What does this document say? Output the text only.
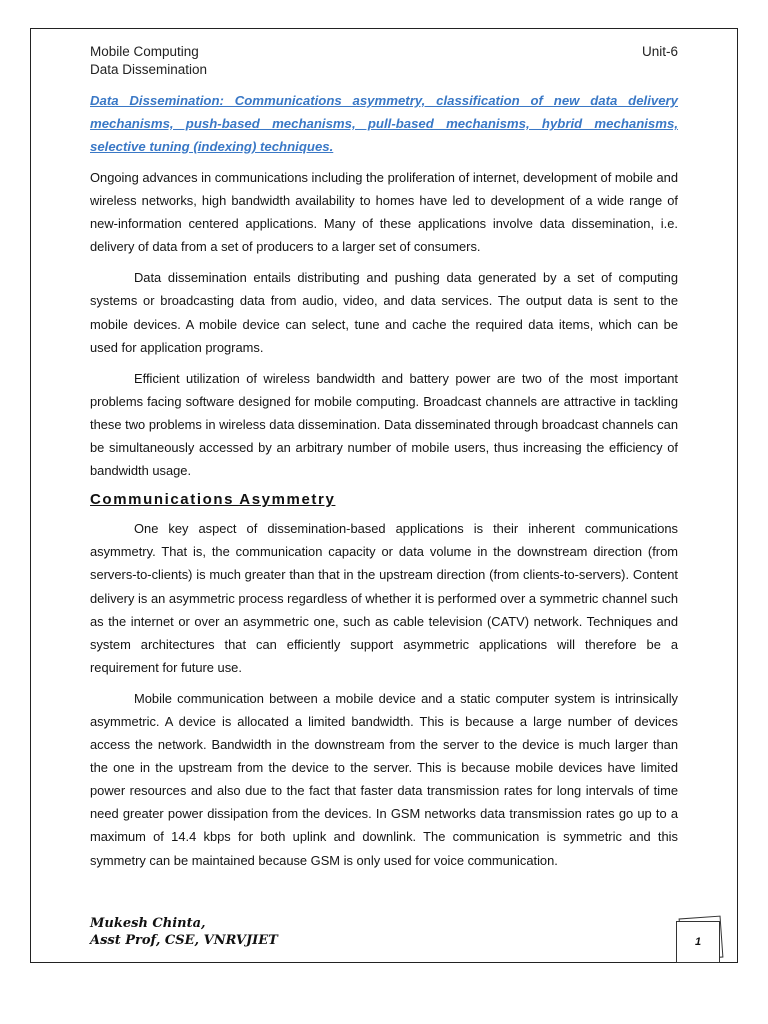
Mobile Computing
Data Dissemination
Unit-6

Data Dissemination: Communications asymmetry, classification of new data delivery mechanisms, push-based mechanisms, pull-based mechanisms, hybrid mechanisms, selective tuning (indexing) techniques.

Ongoing advances in communications including the proliferation of internet, development of mobile and wireless networks, high bandwidth availability to homes have led to development of a wide range of new-information centered applications. Many of these applications involve data dissemination, i.e. delivery of data from a set of producers to a larger set of consumers.

Data dissemination entails distributing and pushing data generated by a set of computing systems or broadcasting data from audio, video, and data services. The output data is sent to the mobile devices. A mobile device can select, tune and cache the required data items, which can be used for application programs.

Efficient utilization of wireless bandwidth and battery power are two of the most important problems facing software designed for mobile computing. Broadcast channels are attractive in tackling these two problems in wireless data dissemination. Data disseminated through broadcast channels can be simultaneously accessed by an arbitrary number of mobile users, thus increasing the efficiency of bandwidth usage.

Communications Asymmetry

One key aspect of dissemination-based applications is their inherent communications asymmetry. That is, the communication capacity or data volume in the downstream direction (from servers-to-clients) is much greater than that in the upstream direction (from clients-to-servers). Content delivery is an asymmetric process regardless of whether it is performed over a symmetric channel such as the internet or over an asymmetric one, such as cable television (CATV) network. Techniques and system architectures that can efficiently support asymmetric applications will therefore be a requirement for future use.

Mobile communication between a mobile device and a static computer system is intrinsically asymmetric. A device is allocated a limited bandwidth. This is because a large number of devices access the network. Bandwidth in the downstream from the server to the device is much larger than the one in the upstream from the device to the server. This is because mobile devices have limited power resources and also due to the fact that faster data transmission rates for long intervals of time need greater power dissipation from the devices. In GSM networks data transmission rates go up to a maximum of 14.4 kbps for both uplink and downlink. The communication is symmetric and this symmetry can be maintained because GSM is only used for voice communication.

Mukesh Chinta,
Asst Prof, CSE, VNRVJIET	1
